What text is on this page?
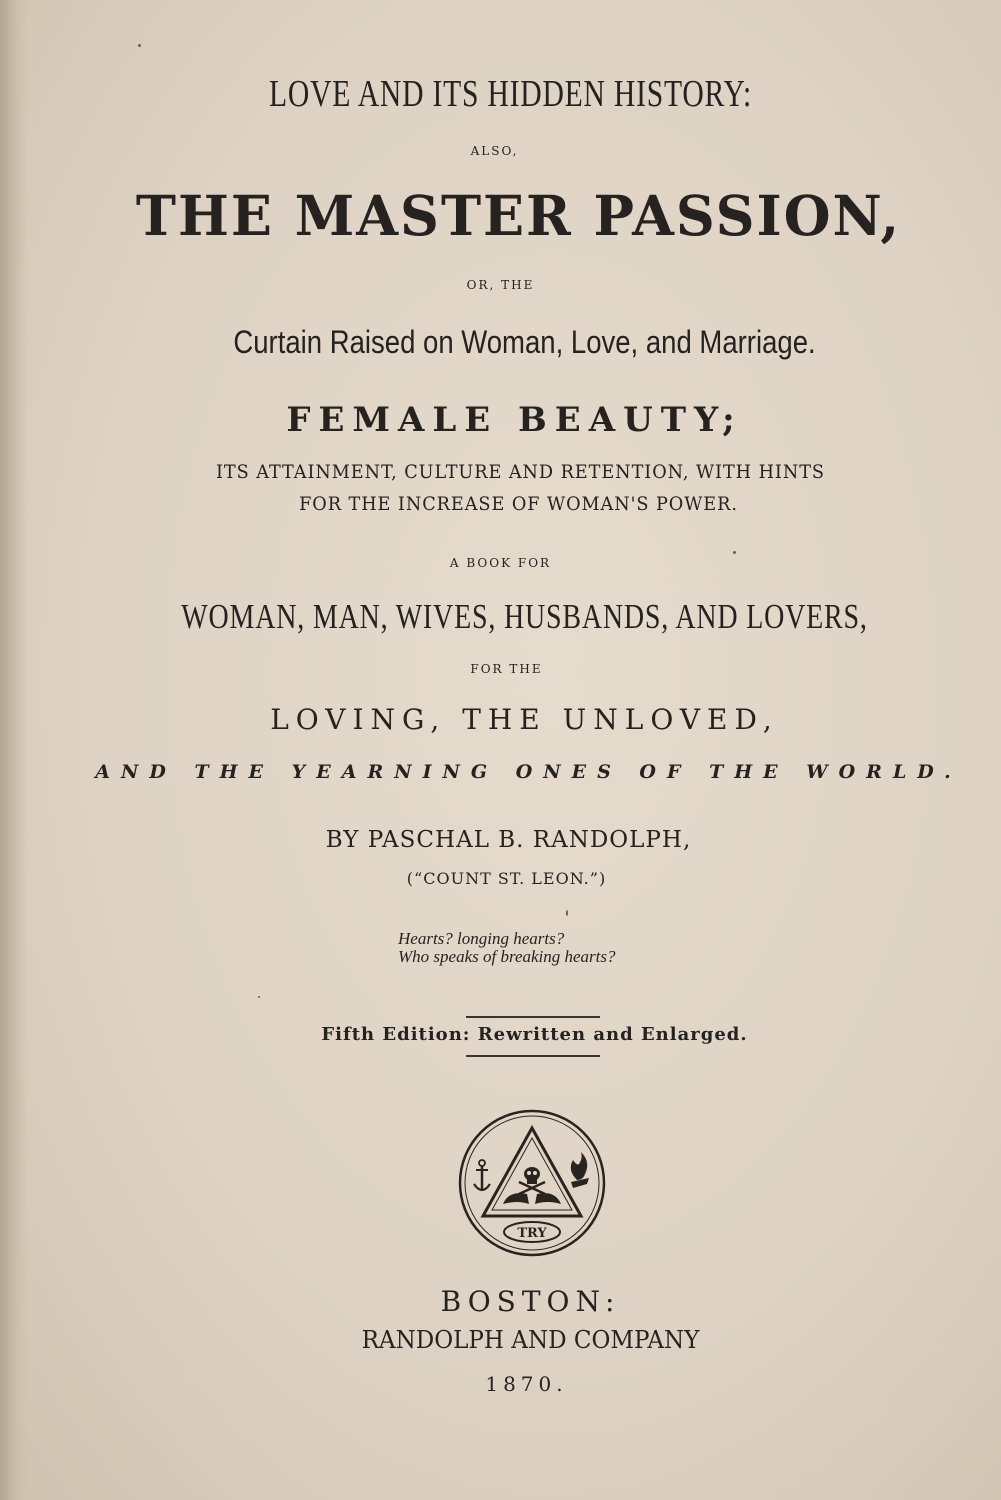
LOVE AND ITS HIDDEN HISTORY:
ALSO,
THE MASTER PASSION,
OR, THE
Curtain Raised on Woman, Love, and Marriage.
FEMALE BEAUTY;
ITS ATTAINMENT, CULTURE AND RETENTION, WITH HINTS
FOR THE INCREASE OF WOMAN'S POWER.
A BOOK FOR
WOMAN, MAN, WIVES, HUSBANDS, AND LOVERS,
FOR THE
LOVING, THE UNLOVED,
AND THE YEARNING ONES OF THE WORLD.
BY PASCHAL B. RANDOLPH,
(“COUNT ST. LEON.”)
Hearts? longing hearts?
Who speaks of breaking hearts?
Fifth Edition: Rewritten and Enlarged.
TRY
BOSTON:
RANDOLPH AND COMPANY
1870.
